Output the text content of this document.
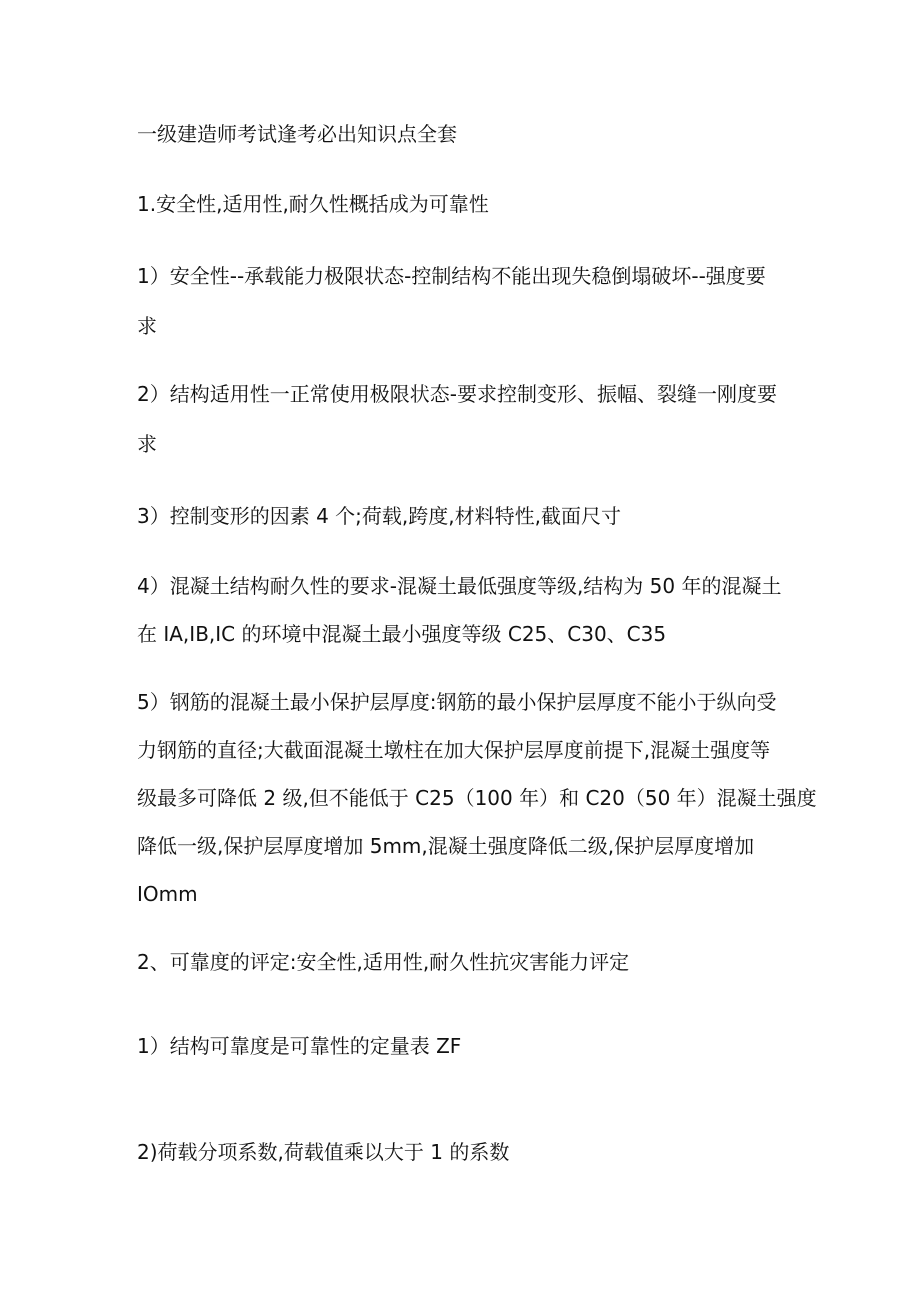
一级建造师考试逢考必出知识点全套
1.安全性,适用性,耐久性概括成为可靠性
1）安全性--承载能力极限状态-控制结构不能出现失稳倒塌破坏--强度要
求
2）结构适用性一正常使用极限状态-要求控制变形、振幅、裂缝一刚度要
求
3）控制变形的因素 4 个;荷载,跨度,材料特性,截面尺寸
4）混凝土结构耐久性的要求-混凝土最低强度等级,结构为 50 年的混凝土
在 IA,IB,IC 的环境中混凝土最小强度等级 C25、C30、C35
5）钢筋的混凝土最小保护层厚度:钢筋的最小保护层厚度不能小于纵向受
力钢筋的直径;大截面混凝土墩柱在加大保护层厚度前提下,混凝土强度等
级最多可降低 2 级,但不能低于 C25（100 年）和 C20（50 年）混凝土强度
降低一级,保护层厚度增加 5mm,混凝土强度降低二级,保护层厚度增加
IOmm
2、可靠度的评定:安全性,适用性,耐久性抗灾害能力评定
1）结构可靠度是可靠性的定量表 ZF
2)荷载分项系数,荷载值乘以大于 1 的系数
